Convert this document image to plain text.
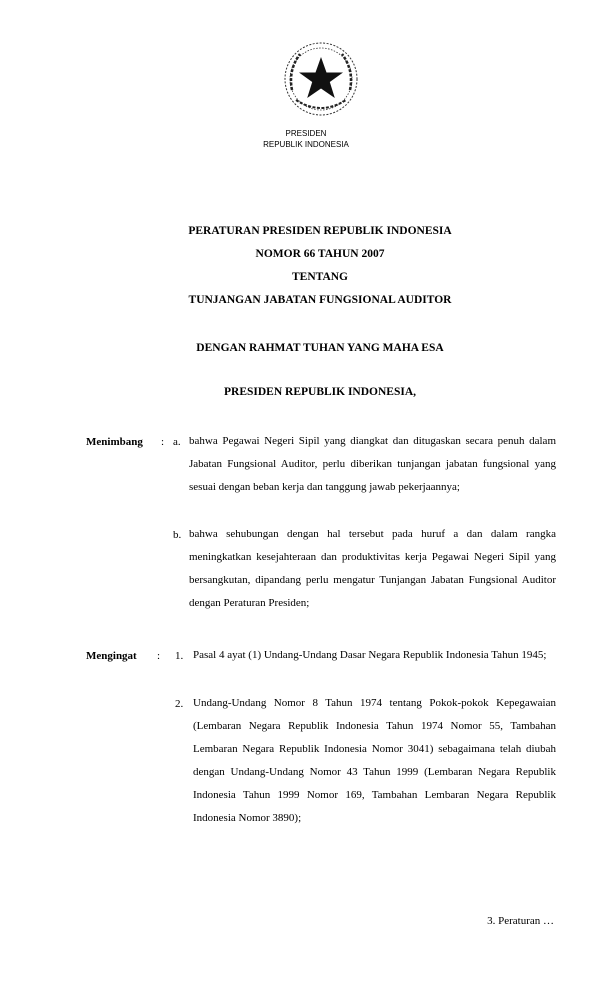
PRESIDEN
REPUBLIK INDONESIA
PERATURAN PRESIDEN REPUBLIK INDONESIA
NOMOR 66 TAHUN 2007
TENTANG
TUNJANGAN JABATAN FUNGSIONAL AUDITOR
DENGAN RAHMAT TUHAN YANG MAHA ESA
PRESIDEN REPUBLIK INDONESIA,
Menimbang : a. bahwa Pegawai Negeri Sipil yang diangkat dan ditugaskan secara penuh dalam Jabatan Fungsional Auditor, perlu diberikan tunjangan jabatan fungsional yang sesuai dengan beban kerja dan tanggung jawab pekerjaannya;
b. bahwa sehubungan dengan hal tersebut pada huruf a dan dalam rangka meningkatkan kesejahteraan dan produktivitas kerja Pegawai Negeri Sipil yang bersangkutan, dipandang perlu mengatur Tunjangan Jabatan Fungsional Auditor dengan Peraturan Presiden;
Mengingat : 1. Pasal 4 ayat (1) Undang-Undang Dasar Negara Republik Indonesia Tahun 1945;
2. Undang-Undang Nomor 8 Tahun 1974 tentang Pokok-pokok Kepegawaian (Lembaran Negara Republik Indonesia Tahun 1974 Nomor 55, Tambahan Lembaran Negara Republik Indonesia Nomor 3041) sebagaimana telah diubah dengan Undang-Undang Nomor 43 Tahun 1999 (Lembaran Negara Republik Indonesia Tahun 1999 Nomor 169, Tambahan Lembaran Negara Republik Indonesia Nomor 3890);
3. Peraturan …
